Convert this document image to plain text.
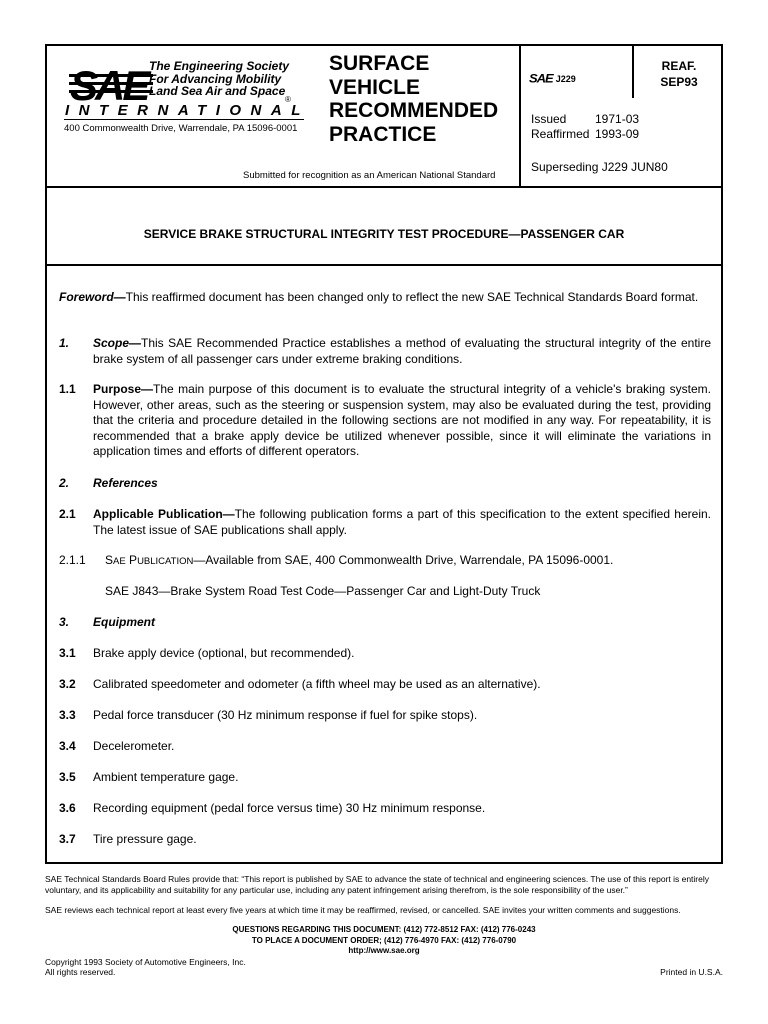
SAE The Engineering Society
For Advancing Mobility
Land Sea Air and Space
INTERNATIONAL
®
400 Commonwealth Drive, Warrendale, PA 15096-0001
SURFACE
VEHICLE
RECOMMENDED
PRACTICE
Submitted for recognition as an American National Standard
SAE J229
REAF.
SEP93
Issued 1971-03
Reaffirmed 1993-09
Superseding J229 JUN80
SERVICE BRAKE STRUCTURAL INTEGRITY TEST PROCEDURE—PASSENGER CAR
Foreword—This reaffirmed document has been changed only to reflect the new SAE Technical Standards Board format.
1.	Scope—This SAE Recommended Practice establishes a method of evaluating the structural integrity of the entire brake system of all passenger cars under extreme braking conditions.
1.1	Purpose—The main purpose of this document is to evaluate the structural integrity of a vehicle's braking system. However, other areas, such as the steering or suspension system, may also be evaluated during the test, providing that the criteria and procedure detailed in the following sections are not modified in any way. For repeatability, it is recommended that a brake apply device be utilized whenever possible, since it will eliminate the variations in application times and efforts of different operators.
2.	References
2.1	Applicable Publication—The following publication forms a part of this specification to the extent specified herein. The latest issue of SAE publications shall apply.
2.1.1	SAE PUBLICATION—Available from SAE, 400 Commonwealth Drive, Warrendale, PA 15096-0001.
SAE J843—Brake System Road Test Code—Passenger Car and Light-Duty Truck
3.	Equipment
3.1	Brake apply device (optional, but recommended).
3.2	Calibrated speedometer and odometer (a fifth wheel may be used as an alternative).
3.3	Pedal force transducer (30 Hz minimum response if fuel for spike stops).
3.4	Decelerometer.
3.5	Ambient temperature gage.
3.6	Recording equipment (pedal force versus time) 30 Hz minimum response.
3.7	Tire pressure gage.
SAE Technical Standards Board Rules provide that: “This report is published by SAE to advance the state of technical and engineering sciences. The use of this report is entirely voluntary, and its applicability and suitability for any particular use, including any patent infringement arising therefrom, is the sole responsibility of the user.”
SAE reviews each technical report at least every five years at which time it may be reaffirmed, revised, or cancelled. SAE invites your written comments and suggestions.
QUESTIONS REGARDING THIS DOCUMENT: (412) 772-8512 FAX: (412) 776-0243
TO PLACE A DOCUMENT ORDER; (412) 776-4970 FAX: (412) 776-0790
http://www.sae.org
Copyright 1993 Society of Automotive Engineers, Inc.
All rights reserved.	Printed in U.S.A.
